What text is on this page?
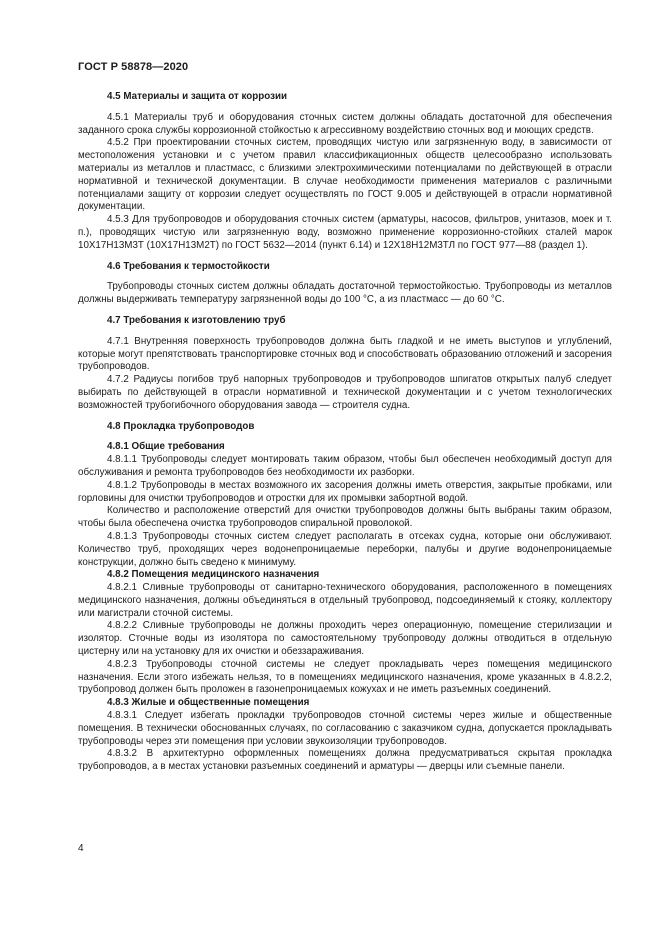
ГОСТ Р 58878—2020

4.5 Материалы и защита от коррозии

4.5.1 Материалы труб и оборудования сточных систем должны обладать достаточной для обеспечения заданного срока службы коррозионной стойкостью к агрессивному воздействию сточных вод и моющих средств.

4.5.2 При проектировании сточных систем, проводящих чистую или загрязненную воду, в зависимости от местоположения установки и с учетом правил классификационных обществ целесообразно использовать материалы из металлов и пластмасс, с близкими электрохимическими потенциалами по действующей в отрасли нормативной и технической документации. В случае необходимости применения материалов с различными потенциалами защиту от коррозии следует осуществлять по ГОСТ 9.005 и действующей в отрасли нормативной документации.

4.5.3 Для трубопроводов и оборудования сточных систем (арматуры, насосов, фильтров, унитазов, моек и т. п.), проводящих чистую или загрязненную воду, возможно применение коррозионно-стойких сталей марок 10Х17Н13М3Т (10Х17Н13М2Т) по ГОСТ 5632—2014 (пункт 6.14) и 12Х18Н12М3ТЛ по ГОСТ 977—88 (раздел 1).

4.6 Требования к термостойкости

Трубопроводы сточных систем должны обладать достаточной термостойкостью. Трубопроводы из металлов должны выдерживать температуру загрязненной воды до 100 °С, а из пластмасс — до 60 °С.

4.7 Требования к изготовлению труб

4.7.1 Внутренняя поверхность трубопроводов должна быть гладкой и не иметь выступов и углублений, которые могут препятствовать транспортировке сточных вод и способствовать образованию отложений и засорения трубопроводов.

4.7.2 Радиусы погибов труб напорных трубопроводов и трубопроводов шпигатов открытых палуб следует выбирать по действующей в отрасли нормативной и технической документации и с учетом технологических возможностей трубогибочного оборудования завода — строителя судна.

4.8 Прокладка трубопроводов

4.8.1 Общие требования

4.8.1.1 Трубопроводы следует монтировать таким образом, чтобы был обеспечен необходимый доступ для обслуживания и ремонта трубопроводов без необходимости их разборки.

4.8.1.2 Трубопроводы в местах возможного их засорения должны иметь отверстия, закрытые пробками, или горловины для очистки трубопроводов и отростки для их промывки забортной водой.

Количество и расположение отверстий для очистки трубопроводов должны быть выбраны таким образом, чтобы была обеспечена очистка трубопроводов спиральной проволокой.

4.8.1.3 Трубопроводы сточных систем следует располагать в отсеках судна, которые они обслуживают. Количество труб, проходящих через водонепроницаемые переборки, палубы и другие водонепроницаемые конструкции, должно быть сведено к минимуму.

4.8.2 Помещения медицинского назначения

4.8.2.1 Сливные трубопроводы от санитарно-технического оборудования, расположенного в помещениях медицинского назначения, должны объединяться в отдельный трубопровод, подсоединяемый к стояку, коллектору или магистрали сточной системы.

4.8.2.2 Сливные трубопроводы не должны проходить через операционную, помещение стерилизации и изолятор. Сточные воды из изолятора по самостоятельному трубопроводу должны отводиться в отдельную цистерну или на установку для их очистки и обеззараживания.

4.8.2.3 Трубопроводы сточной системы не следует прокладывать через помещения медицинского назначения. Если этого избежать нельзя, то в помещениях медицинского назначения, кроме указанных в 4.8.2.2, трубопровод должен быть проложен в газонепроницаемых кожухах и не иметь разъемных соединений.

4.8.3 Жилые и общественные помещения

4.8.3.1 Следует избегать прокладки трубопроводов сточной системы через жилые и общественные помещения. В технически обоснованных случаях, по согласованию с заказчиком судна, допускается прокладывать трубопроводы через эти помещения при условии звукоизоляции трубопроводов.

4.8.3.2 В архитектурно оформленных помещениях должна предусматриваться скрытая прокладка трубопроводов, а в местах установки разъемных соединений и арматуры — дверцы или съемные панели.

4
